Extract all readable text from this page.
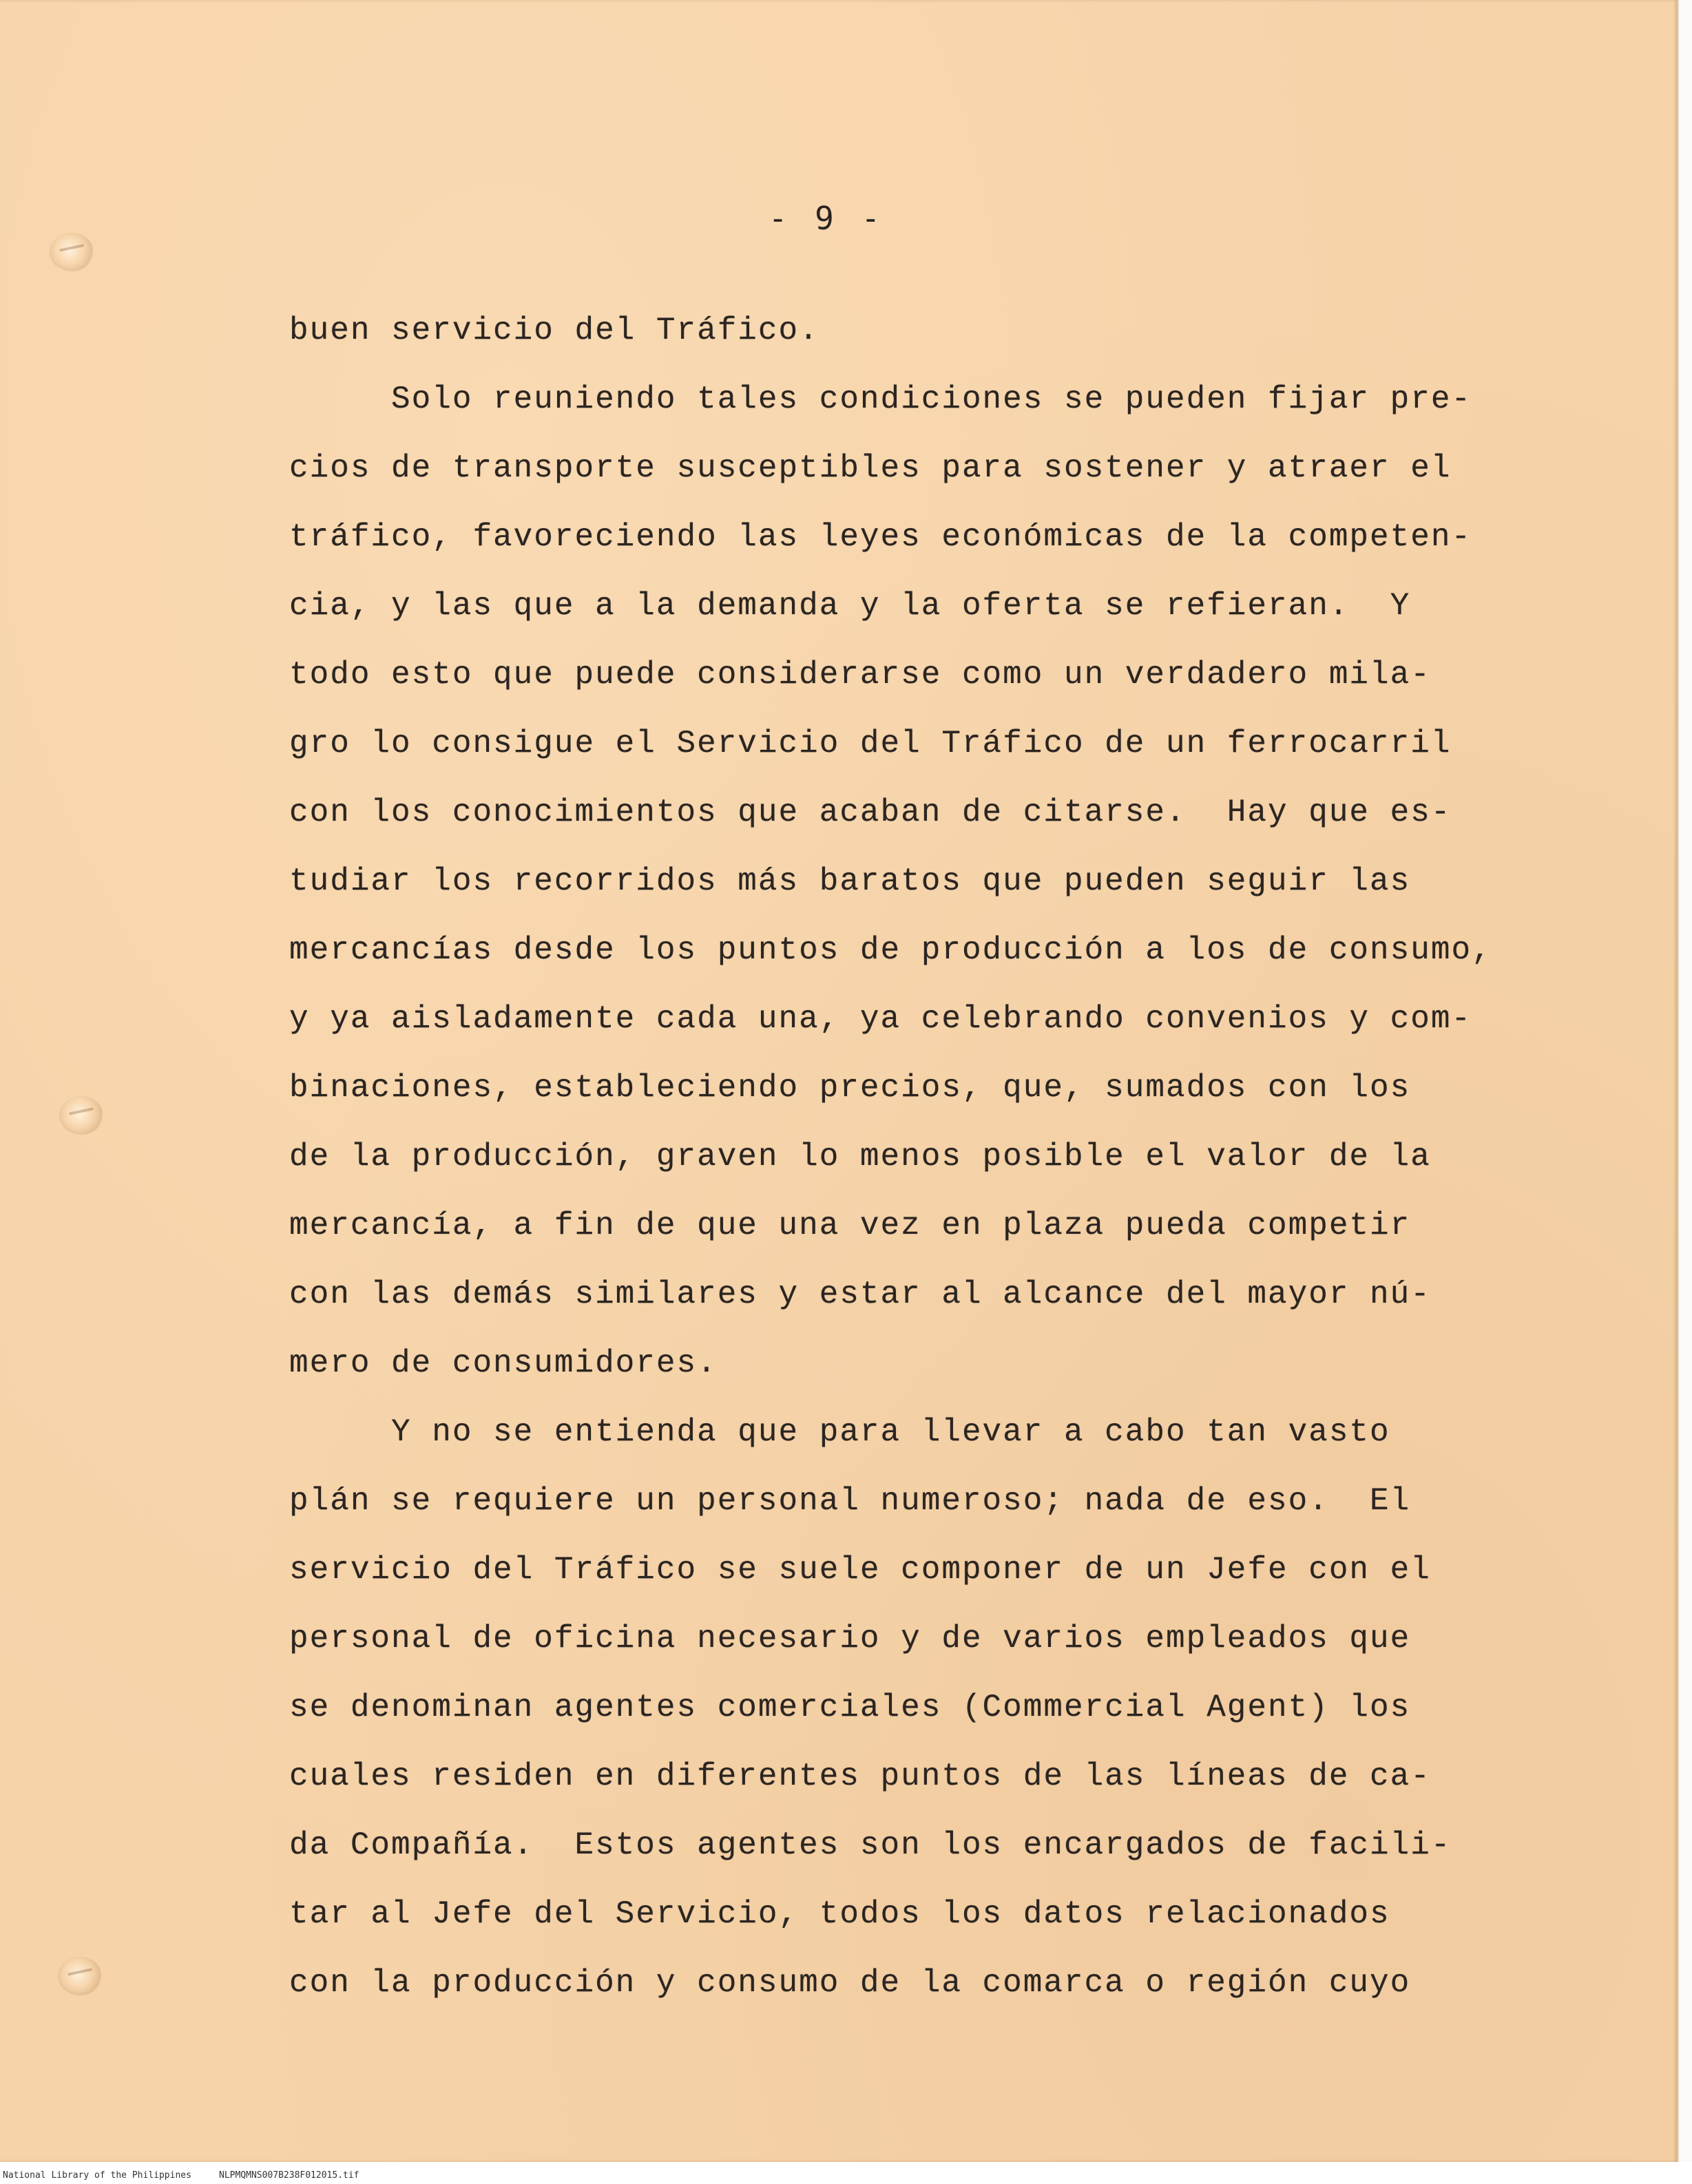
- 9 -
buen servicio del Tráfico.
Solo reuniendo tales condiciones se pueden fijar pre-
cios de transporte susceptibles para sostener y atraer el
tráfico, favoreciendo las leyes económicas de la competen-
cia, y las que a la demanda y la oferta se refieran.  Y
todo esto que puede considerarse como un verdadero mila-
gro lo consigue el Servicio del Tráfico de un ferrocarril
con los conocimientos que acaban de citarse.  Hay que es-
tudiar los recorridos más baratos que pueden seguir las
mercancías desde los puntos de producción a los de consumo,
y ya aisladamente cada una, ya celebrando convenios y com-
binaciones, estableciendo precios, que, sumados con los
de la producción, graven lo menos posible el valor de la
mercancía, a fin de que una vez en plaza pueda competir
con las demás similares y estar al alcance del mayor nú-
mero de consumidores.
Y no se entienda que para llevar a cabo tan vasto
plán se requiere un personal numeroso; nada de eso.  El
servicio del Tráfico se suele componer de un Jefe con el
personal de oficina necesario y de varios empleados que
se denominan agentes comerciales (Commercial Agent) los
cuales residen en diferentes puntos de las líneas de ca-
da Compañía.  Estos agentes son los encargados de facili-
tar al Jefe del Servicio, todos los datos relacionados
con la producción y consumo de la comarca o región cuyo
National Library of the Philippines	NLPMQMNS007B238F012015.tif
